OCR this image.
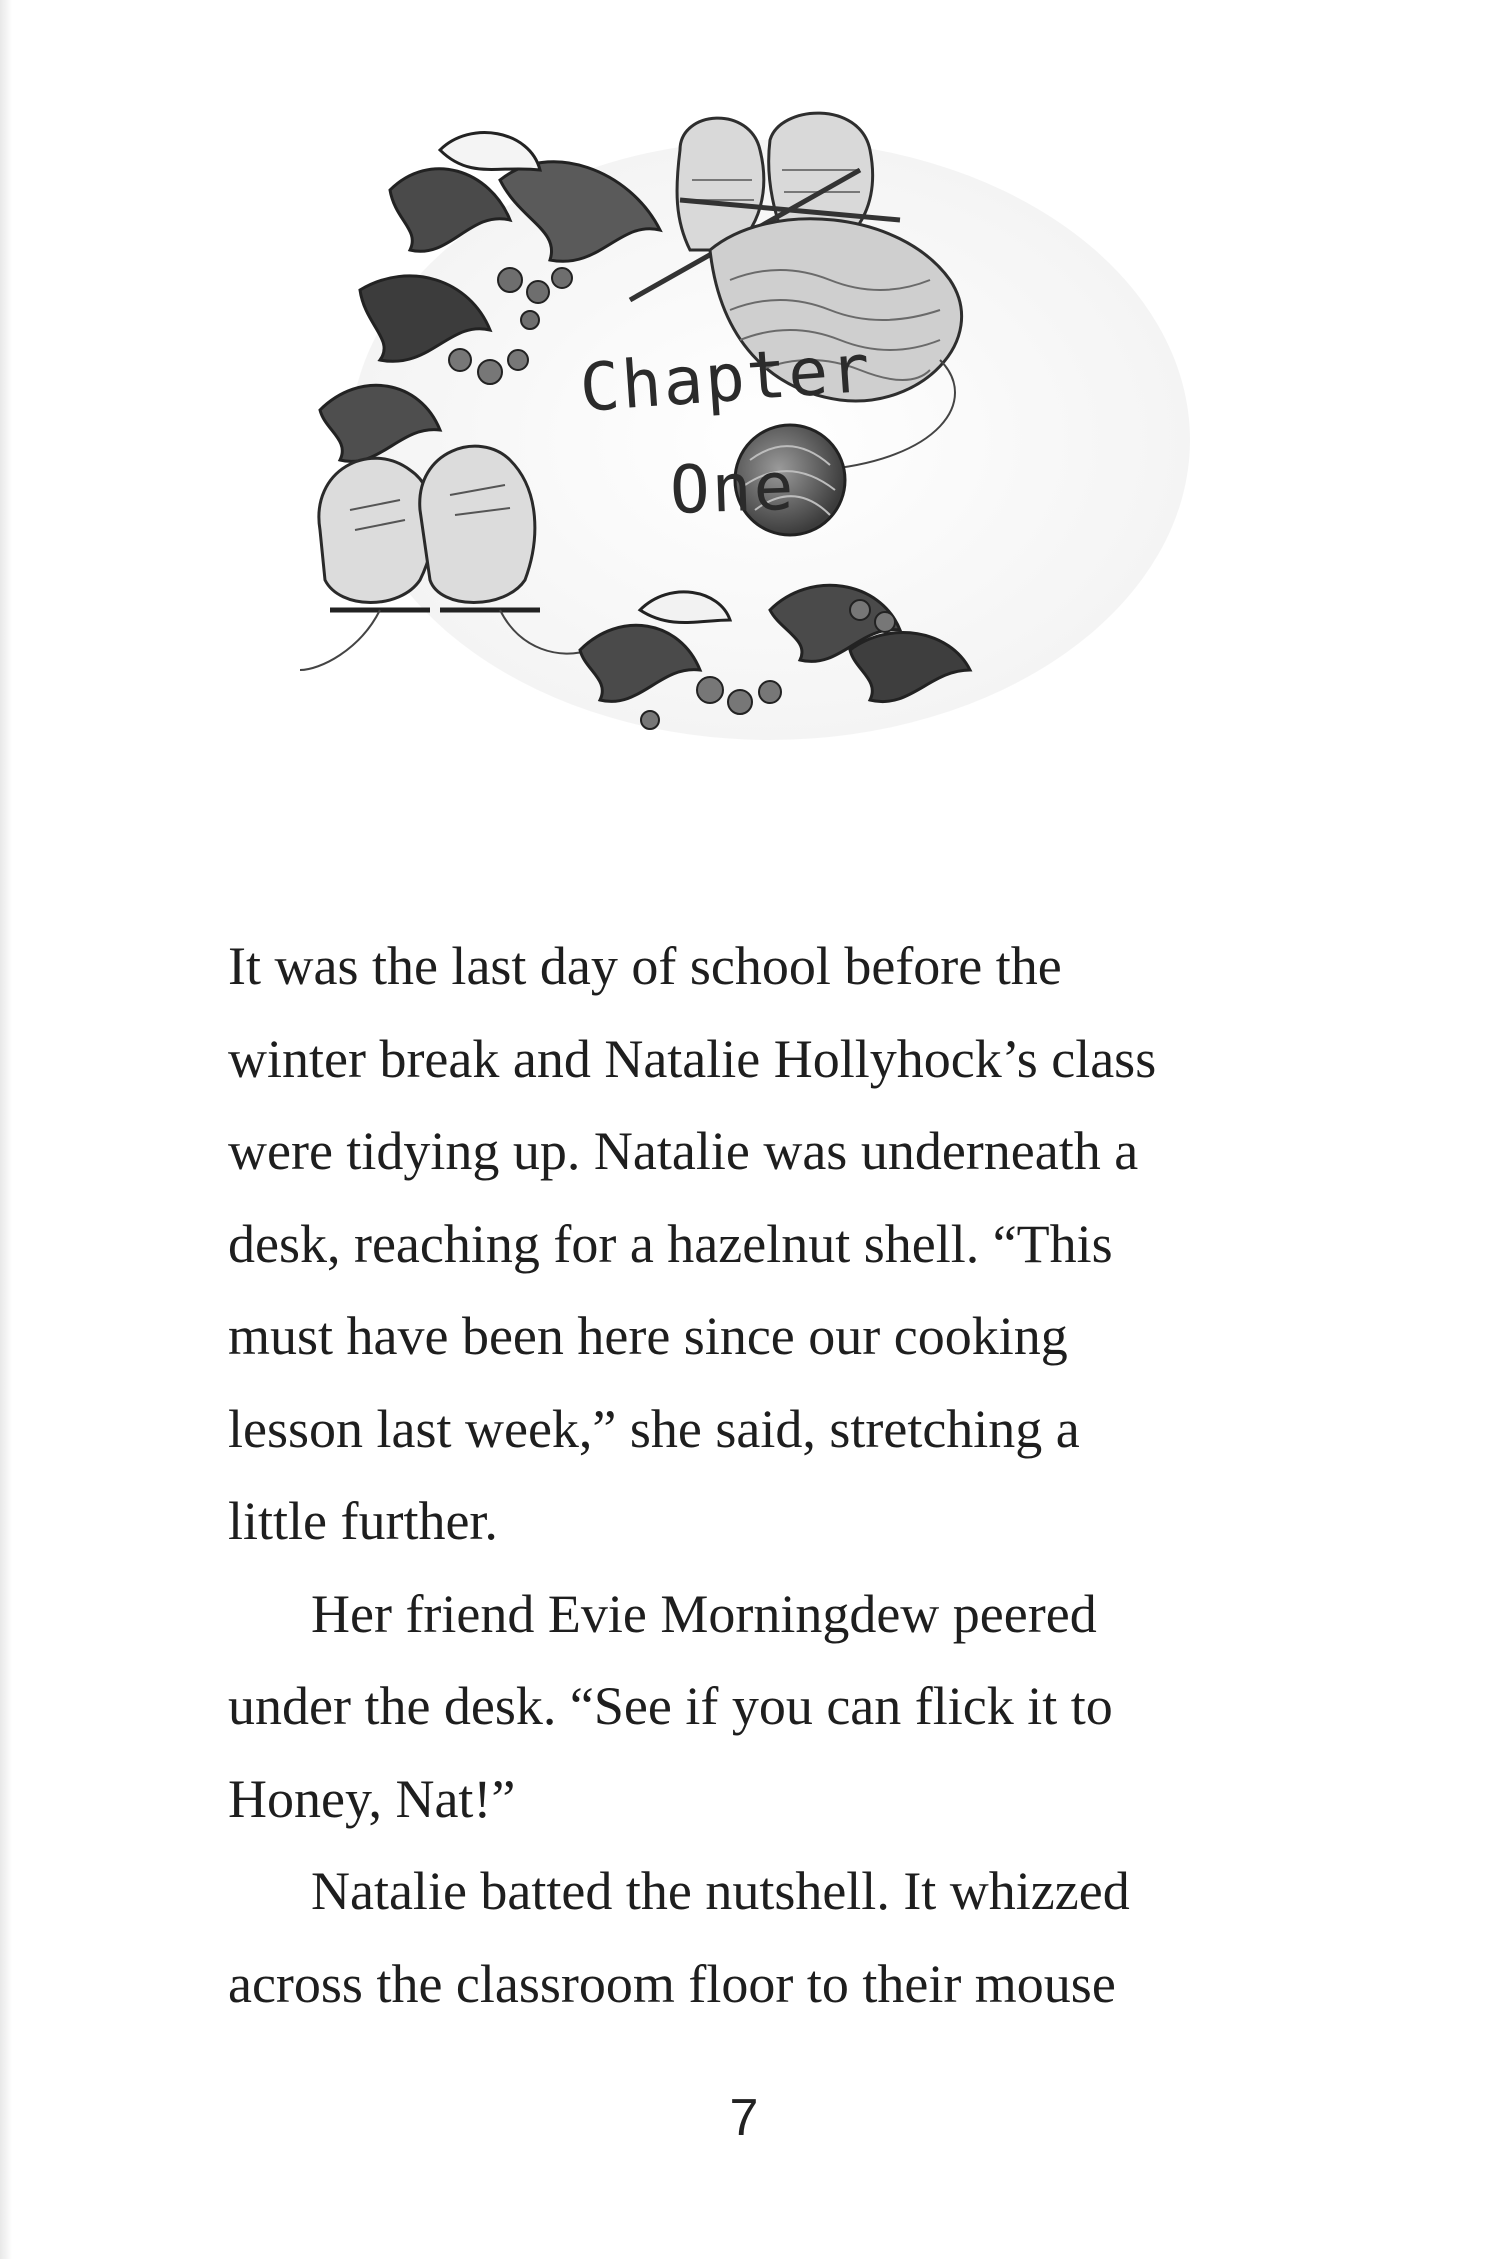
Chapter
One
It was the last day of school before the
winter break and Natalie Hollyhock’s class
were tidying up. Natalie was underneath a
desk, reaching for a hazelnut shell. “This
must have been here since our cooking
lesson last week,” she said, stretching a
little further.
Her friend Evie Morningdew peered
under the desk. “See if you can flick it to
Honey, Nat!”
Natalie batted the nutshell. It whizzed
across the classroom floor to their mouse
7
